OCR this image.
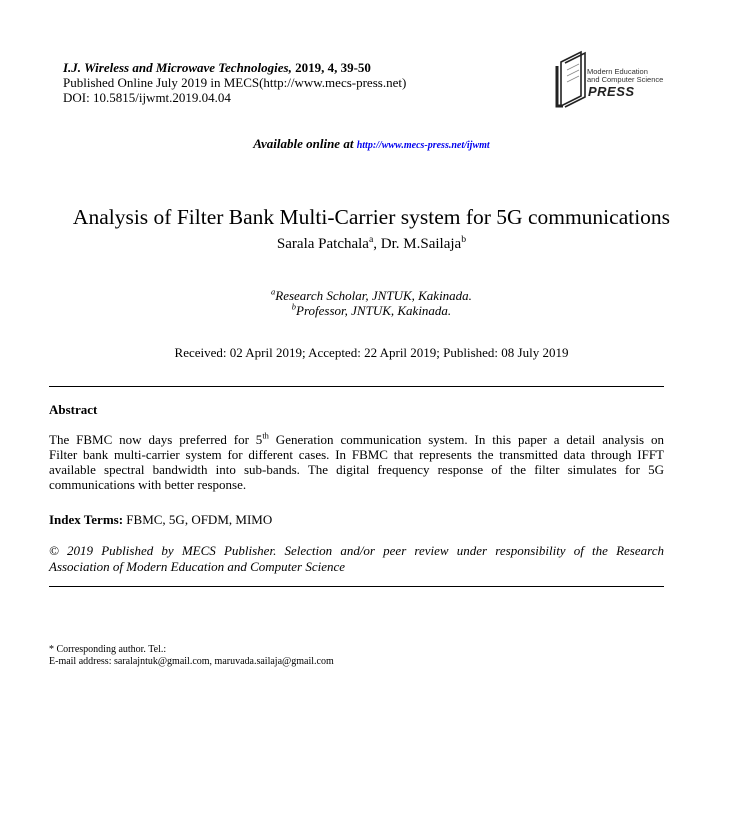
I.J. Wireless and Microwave Technologies, 2019, 4, 39-50
Published Online July 2019 in MECS(http://www.mecs-press.net)
DOI: 10.5815/ijwmt.2019.04.04
Modern Education
and Computer Science
PRESS
Available online at http://www.mecs-press.net/ijwmt
Analysis of Filter Bank Multi-Carrier system for 5G communications
Sarala Patchala$^a$, Dr. M.Sailaja$^b$
$^a$Research Scholar, JNTUK, Kakinada.
$^b$Professor, JNTUK, Kakinada.
Received: 02 April 2019; Accepted: 22 April 2019; Published: 08 July 2019
Abstract
The FBMC now days preferred for 5th Generation communication system. In this paper a detail analysis on
Filter bank multi-carrier system for different cases. In FBMC that represents the transmitted data through IFFT
available spectral bandwidth into sub-bands. The digital frequency response of the filter simulates for 5G
communications with better response.
Index Terms: FBMC, 5G, OFDM, MIMO
© 2019 Published by MECS Publisher. Selection and/or peer review under responsibility of the Research
Association of Modern Education and Computer Science
* Corresponding author. Tel.:
E-mail address: saralajntuk@gmail.com, maruvada.sailaja@gmail.com
